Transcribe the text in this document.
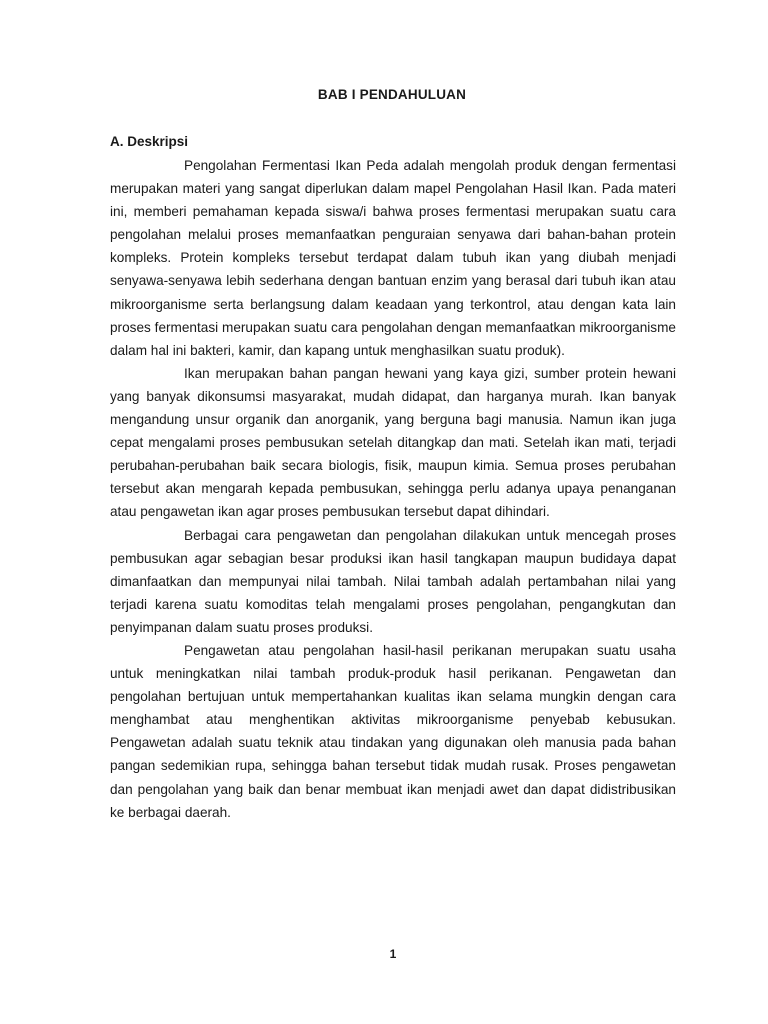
BAB I PENDAHULUAN
A. Deskripsi

Pengolahan Fermentasi Ikan Peda adalah mengolah produk dengan fermentasi merupakan materi yang sangat diperlukan dalam mapel Pengolahan Hasil Ikan. Pada materi ini, memberi pemahaman kepada siswa/i bahwa proses fermentasi merupakan suatu cara pengolahan melalui proses memanfaatkan penguraian senyawa dari bahan-bahan protein kompleks. Protein kompleks tersebut terdapat dalam tubuh ikan yang diubah menjadi senyawa-senyawa lebih sederhana dengan bantuan enzim yang berasal dari tubuh ikan atau mikroorganisme serta berlangsung dalam keadaan yang terkontrol, atau dengan kata lain proses fermentasi merupakan suatu cara pengolahan dengan memanfaatkan mikroorganisme dalam hal ini bakteri, kamir, dan kapang untuk menghasilkan suatu produk).

Ikan merupakan bahan pangan hewani yang kaya gizi, sumber protein hewani yang banyak dikonsumsi masyarakat, mudah didapat, dan harganya murah. Ikan banyak mengandung unsur organik dan anorganik, yang berguna bagi manusia. Namun ikan juga cepat mengalami proses pembusukan setelah ditangkap dan mati. Setelah ikan mati, terjadi perubahan-perubahan baik secara biologis, fisik, maupun kimia. Semua proses perubahan tersebut akan mengarah kepada pembusukan, sehingga perlu adanya upaya penanganan atau pengawetan ikan agar proses pembusukan tersebut dapat dihindari.

Berbagai cara pengawetan dan pengolahan dilakukan untuk mencegah proses pembusukan agar sebagian besar produksi ikan hasil tangkapan maupun budidaya dapat dimanfaatkan dan mempunyai nilai tambah. Nilai tambah adalah pertambahan nilai yang terjadi karena suatu komoditas telah mengalami proses pengolahan, pengangkutan dan penyimpanan dalam suatu proses produksi.

Pengawetan atau pengolahan hasil-hasil perikanan merupakan suatu usaha untuk meningkatkan nilai tambah produk-produk hasil perikanan. Pengawetan dan pengolahan bertujuan untuk mempertahankan kualitas ikan selama mungkin dengan cara menghambat atau menghentikan aktivitas mikroorganisme penyebab kebusukan. Pengawetan adalah suatu teknik atau tindakan yang digunakan oleh manusia pada bahan pangan sedemikian rupa, sehingga bahan tersebut tidak mudah rusak. Proses pengawetan dan pengolahan yang baik dan benar membuat ikan menjadi awet dan dapat didistribusikan ke berbagai daerah.

1
